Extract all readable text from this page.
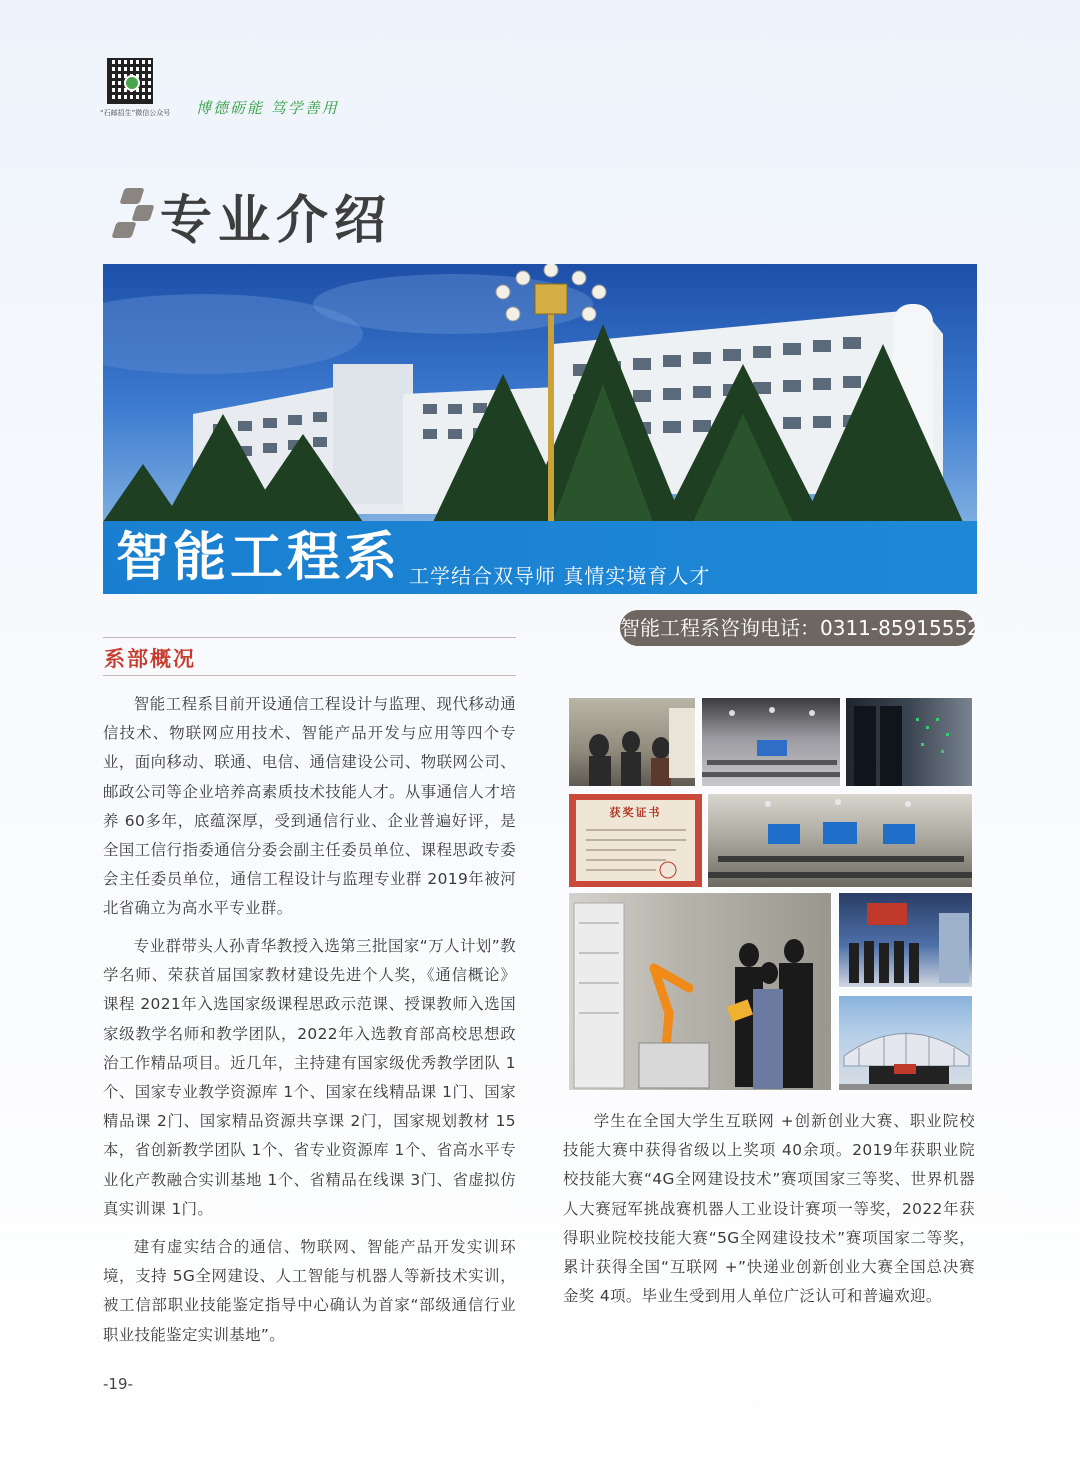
“石邮招生”微信公众号 博德砺能 笃学善用
专业介绍
智能工程系 工学结合双导师 真情实境育人才
智能工程系咨询电话：0311-85915552
系部概况

智能工程系目前开设通信工程设计与监理、现代移动通信技术、物联网应用技术、智能产品开发与应用等四个专业，面向移动、联通、电信、通信建设公司、物联网公司、邮政公司等企业培养高素质技术技能人才。从事通信人才培养 60多年，底蕴深厚，受到通信行业、企业普遍好评，是全国工信行指委通信分委会副主任委员单位、课程思政专委会主任委员单位，通信工程设计与监理专业群 2019年被河北省确立为高水平专业群。

专业群带头人孙青华教授入选第三批国家“万人计划”教学名师、荣获首届国家教材建设先进个人奖，《通信概论》课程 2021年入选国家级课程思政示范课、授课教师入选国家级教学名师和教学团队，2022年入选教育部高校思想政治工作精品项目。近几年，主持建有国家级优秀教学团队 1个、国家专业教学资源库 1个、国家在线精品课 1门、国家精品课 2门、国家精品资源共享课 2门，国家规划教材 15本，省创新教学团队 1个、省专业资源库 1个、省高水平专业化产教融合实训基地 1个、省精品在线课 3门、省虚拟仿真实训课 1门。

建有虚实结合的通信、物联网、智能产品开发实训环境，支持 5G全网建设、人工智能与机器人等新技术实训，被工信部职业技能鉴定指导中心确认为首家“部级通信行业职业技能鉴定实训基地”。

学生在全国大学生互联网 +创新创业大赛、职业院校技能大赛中获得省级以上奖项 40余项。2019年获职业院校技能大赛“4G全网建设技术”赛项国家三等奖、世界机器人大赛冠军挑战赛机器人工业设计赛项一等奖，2022年获得职业院校技能大赛“5G全网建设技术”赛项国家二等奖，累计获得全国“互联网 +”快递业创新创业大赛全国总决赛金奖 4项。毕业生受到用人单位广泛认可和普遍欢迎。

获奖证书
-19-
